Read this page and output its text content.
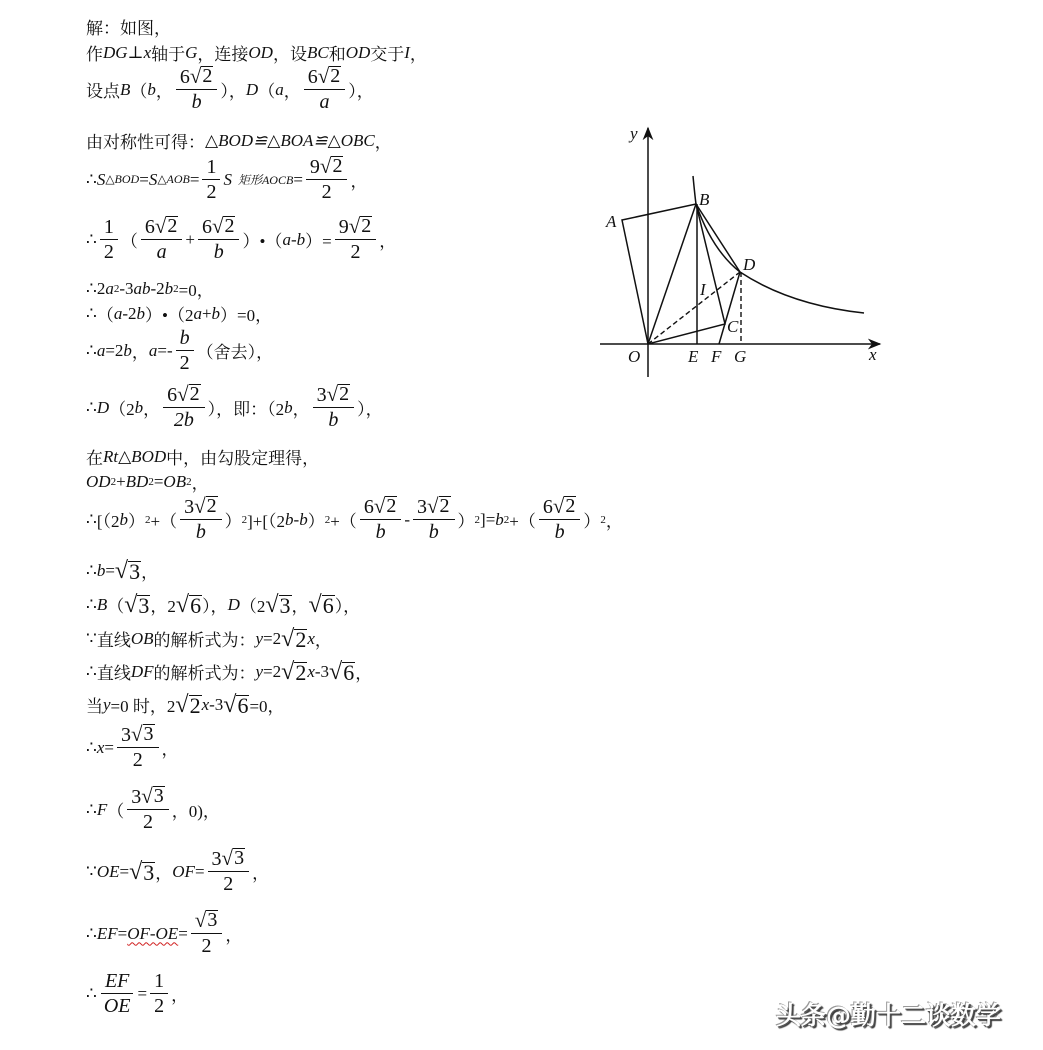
解：如图，
作 DG ⊥ x 轴于 G ，连接 OD ，设 BC 和 OD 交于 I ，
设点 B （ b ， $\frac{6 √ 2}{b}$ ）， D （ a ， $\frac{6 √ 2}{a}$ ），
由对称性可得： △BOD≌△BOA≌△OBC ，
∴ S △BOD = S △AOB = $\frac{1}{2}$ S 矩形AOCB = $\frac{9 √ 2}{2}$ ，
∴ $\frac{1}{2}$ （ $\frac{6 √ 2}{a} + \frac{6 √ 2}{b}$ ）•（ a-b ）= $\frac{9 √ 2}{2}$ ，
∴ 2 a 2 -3 ab -2 b 2 =0，
∴ （ a -2 b ）•（2 a + b ）=0，
∴ a =2 b ， $a =- \frac{b}{2}$ （舍去），
∴ D （2 b ， $\frac{6 √ 2}{2b}$ ），即：（2 b ， $\frac{3 √ 2}{b}$ ），
在 Rt △BOD 中，由勾股定理得，
OD 2 + BD 2 = OB 2 ，
∴ [（2 b ） 2 +（ $\frac{3 √ 2}{b}$ ） 2 ]+[（2 b-b ） 2 +（ $\frac{6 √ 2}{b} - \frac{3 √ 2}{b}$ ） 2 ]= b 2 +（ $\frac{6 √ 2}{b}$ ） 2 ，
∴ b = √ 3 ，
∴ B （ √ 3 ，2 √ 6 ）， D （2 √ 3 ， √ 6 ），
∵ 直线 OB 的解析式为： y =2 √ 2 x ，
∴ 直线 DF 的解析式为： y =2 √ 2 x -3 √ 6 ，
当 y =0 时，2 √ 2 x -3 √ 6 =0，
∴ $x = \frac{3 √ 3}{2}$ ，
∴ F （ $\frac{3 √ 3}{2}$ ，0)，
∵ OE = √ 3 ， OF = $\frac{3 √ 3}{2}$ ，
∴ EF = $OF-OE = \frac{√ 3}{2}$ ，
∴ $\frac{EF}{OE} = \frac{1}{2}$ ，
y
x
O
A
B
D
I
C
E F G
头条@勤十二谈数学
